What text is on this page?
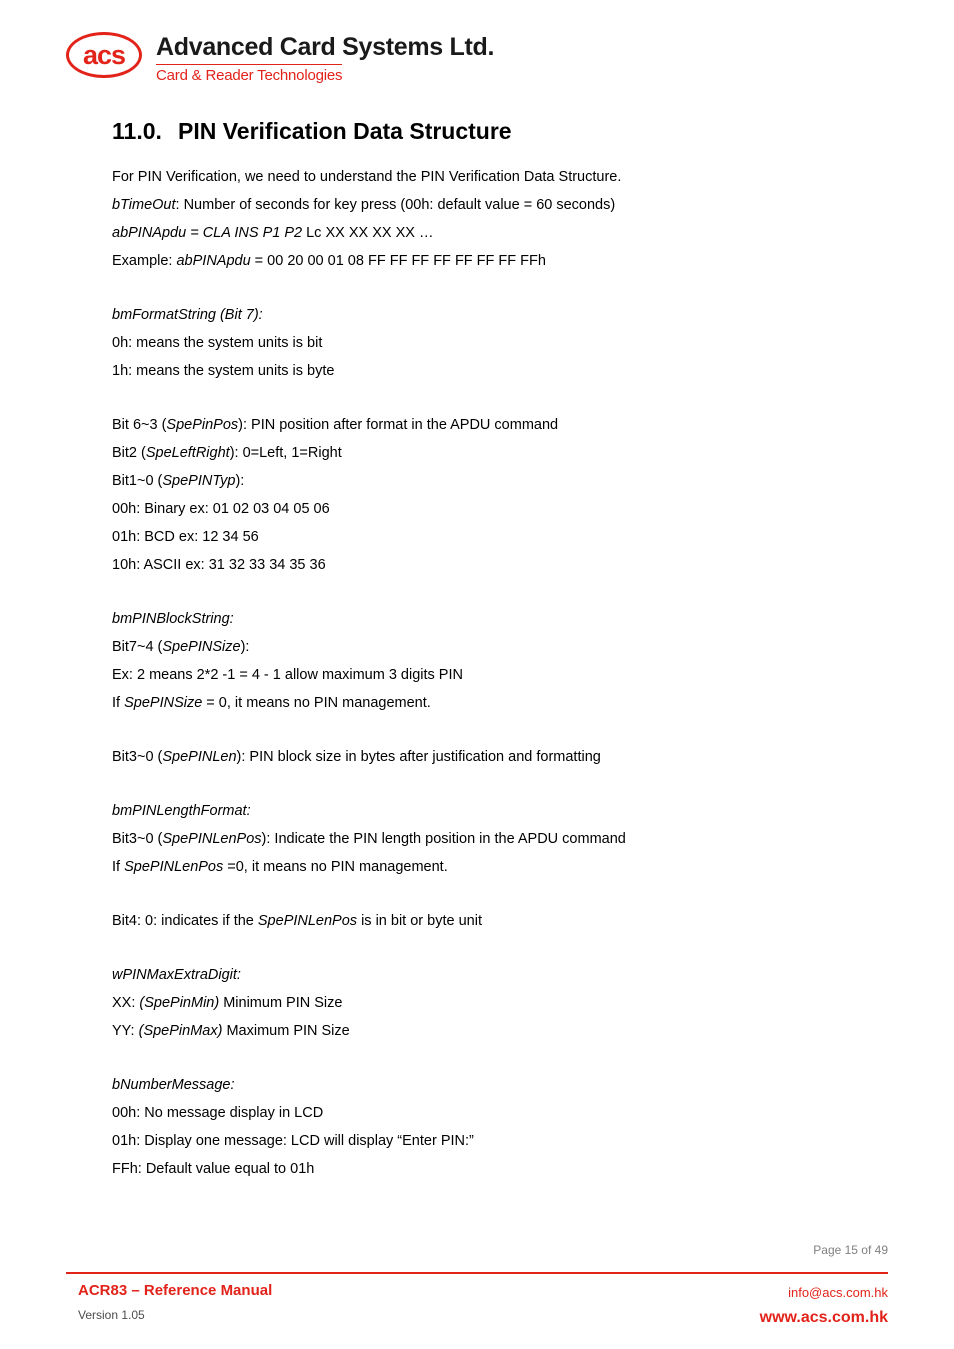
acs Advanced Card Systems Ltd.
Card & Reader Technologies
11.0. PIN Verification Data Structure

For PIN Verification, we need to understand the PIN Verification Data Structure.

bTimeOut: Number of seconds for key press (00h: default value = 60 seconds)

abPINApdu = CLA INS P1 P2 Lc XX XX XX XX …

Example: abPINApdu = 00 20 00 01 08 FF FF FF FF FF FF FF FFh

bmFormatString (Bit 7):

0h: means the system units is bit

1h: means the system units is byte

Bit 6~3 (SpePinPos): PIN position after format in the APDU command

Bit2 (SpeLeftRight): 0=Left, 1=Right

Bit1~0 (SpePINTyp):

00h: Binary ex: 01 02 03 04 05 06

01h: BCD ex: 12 34 56

10h: ASCII ex: 31 32 33 34 35 36

bmPINBlockString:

Bit7~4 (SpePINSize):

Ex: 2 means 2*2 -1 = 4 - 1 allow maximum 3 digits PIN

If SpePINSize = 0, it means no PIN management.

Bit3~0 (SpePINLen): PIN block size in bytes after justification and formatting

bmPINLengthFormat:

Bit3~0 (SpePINLenPos): Indicate the PIN length position in the APDU command

If SpePINLenPos =0, it means no PIN management.

Bit4: 0: indicates if the SpePINLenPos is in bit or byte unit

wPINMaxExtraDigit:

XX: (SpePinMin) Minimum PIN Size

YY: (SpePinMax) Maximum PIN Size

bNumberMessage:

00h: No message display in LCD

01h: Display one message: LCD will display “Enter PIN:”

FFh: Default value equal to 01h

Page 15 of 49
ACR83 – Reference Manual
Version 1.05
info@acs.com.hk
www.acs.com.hk
